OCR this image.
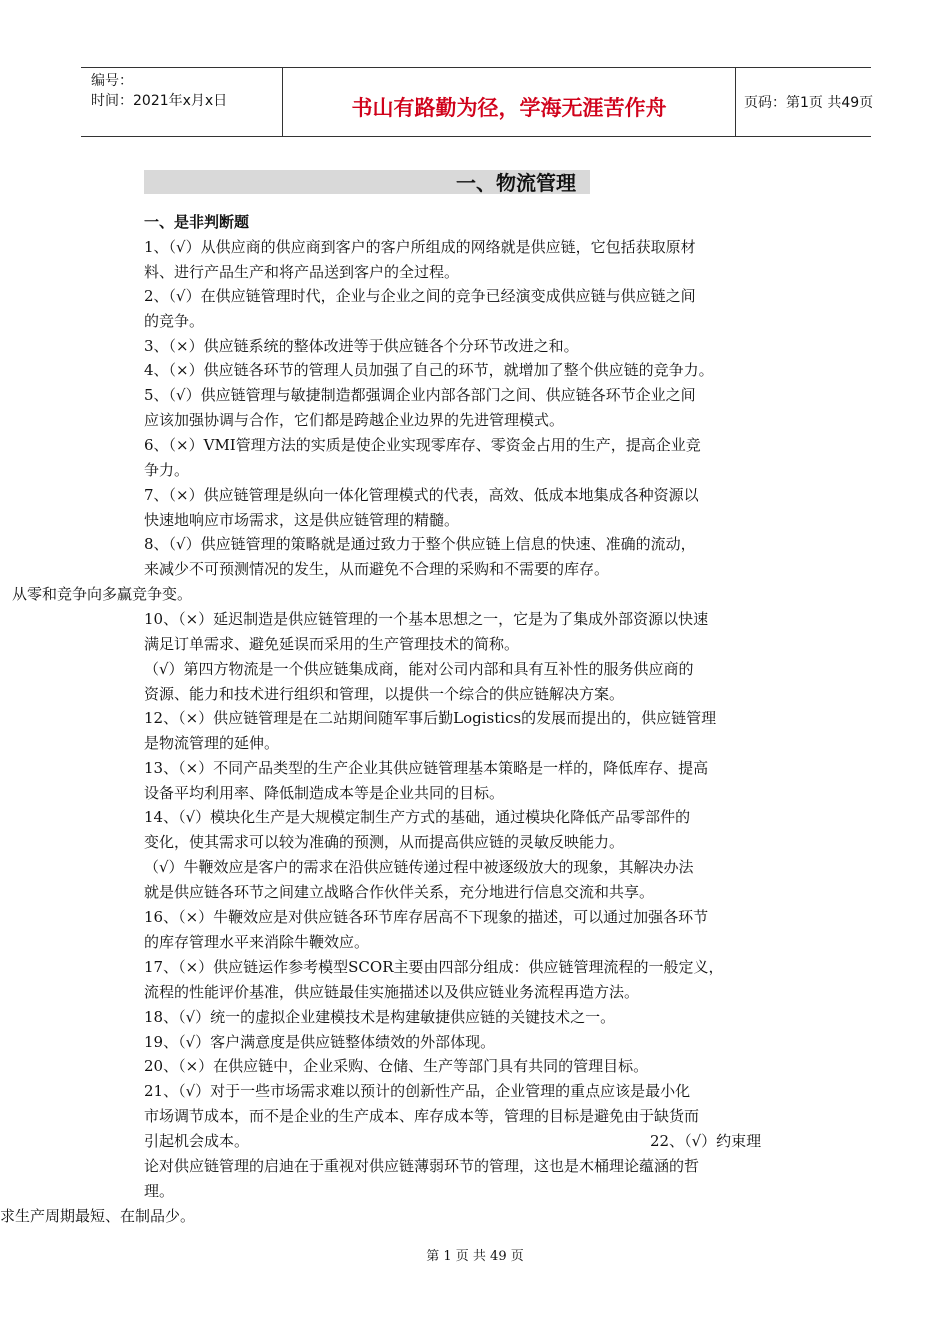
编号：
时间：2021年x月x日	书山有路勤为径，学海无涯苦作舟	页码：第1页 共49页
一、物流管理
一、是非判断题
1、（√）从供应商的供应商到客户的客户所组成的网络就是供应链，它包括获取原材
料、进行产品生产和将产品送到客户的全过程。
2、（√）在供应链管理时代，企业与企业之间的竞争已经演变成供应链与供应链之间
的竞争。
3、（×）供应链系统的整体改进等于供应链各个分环节改进之和。
4、（×）供应链各环节的管理人员加强了自己的环节，就增加了整个供应链的竞争力。
5、（√）供应链管理与敏捷制造都强调企业内部各部门之间、供应链各环节企业之间
应该加强协调与合作，它们都是跨越企业边界的先进管理模式。
6、（×）VMI管理方法的实质是使企业实现零库存、零资金占用的生产，提高企业竞
争力。
7、（×）供应链管理是纵向一体化管理模式的代表，高效、低成本地集成各种资源以
快速地响应市场需求，这是供应链管理的精髓。
8、（√）供应链管理的策略就是通过致力于整个供应链上信息的快速、准确的流动，
来减少不可预测情况的发生，从而避免不合理的采购和不需要的库存。
从零和竞争向多赢竞争变。
10、（×）延迟制造是供应链管理的一个基本思想之一，它是为了集成外部资源以快速
满足订单需求、避免延误而采用的生产管理技术的简称。
（√）第四方物流是一个供应链集成商，能对公司内部和具有互补性的服务供应商的
资源、能力和技术进行组织和管理，以提供一个综合的供应链解决方案。
12、（×）供应链管理是在二站期间随军事后勤Logistics的发展而提出的，供应链管理
是物流管理的延伸。
13、（×）不同产品类型的生产企业其供应链管理基本策略是一样的，降低库存、提高
设备平均利用率、降低制造成本等是企业共同的目标。
14、（√）模块化生产是大规模定制生产方式的基础，通过模块化降低产品零部件的
变化，使其需求可以较为准确的预测，从而提高供应链的灵敏反映能力。
（√）牛鞭效应是客户的需求在沿供应链传递过程中被逐级放大的现象，其解决办法
就是供应链各环节之间建立战略合作伙伴关系，充分地进行信息交流和共享。
16、（×）牛鞭效应是对供应链各环节库存居高不下现象的描述，可以通过加强各环节
的库存管理水平来消除牛鞭效应。
17、（×）供应链运作参考模型SCOR主要由四部分组成：供应链管理流程的一般定义，
流程的性能评价基准，供应链最佳实施描述以及供应链业务流程再造方法。
18、（√）统一的虚拟企业建模技术是构建敏捷供应链的关键技术之一。
19、（√）客户满意度是供应链整体绩效的外部体现。
20、（×）在供应链中，企业采购、仓储、生产等部门具有共同的管理目标。
21、（√）对于一些市场需求难以预计的创新性产品，企业管理的重点应该是最小化
市场调节成本，而不是企业的生产成本、库存成本等，管理的目标是避免由于缺货而
引起机会成本。	22、（√）约束理
论对供应链管理的启迪在于重视对供应链薄弱环节的管理，这也是木桶理论蕴涵的哲
理。
求生产周期最短、在制品少。
第 1 页 共 49 页
